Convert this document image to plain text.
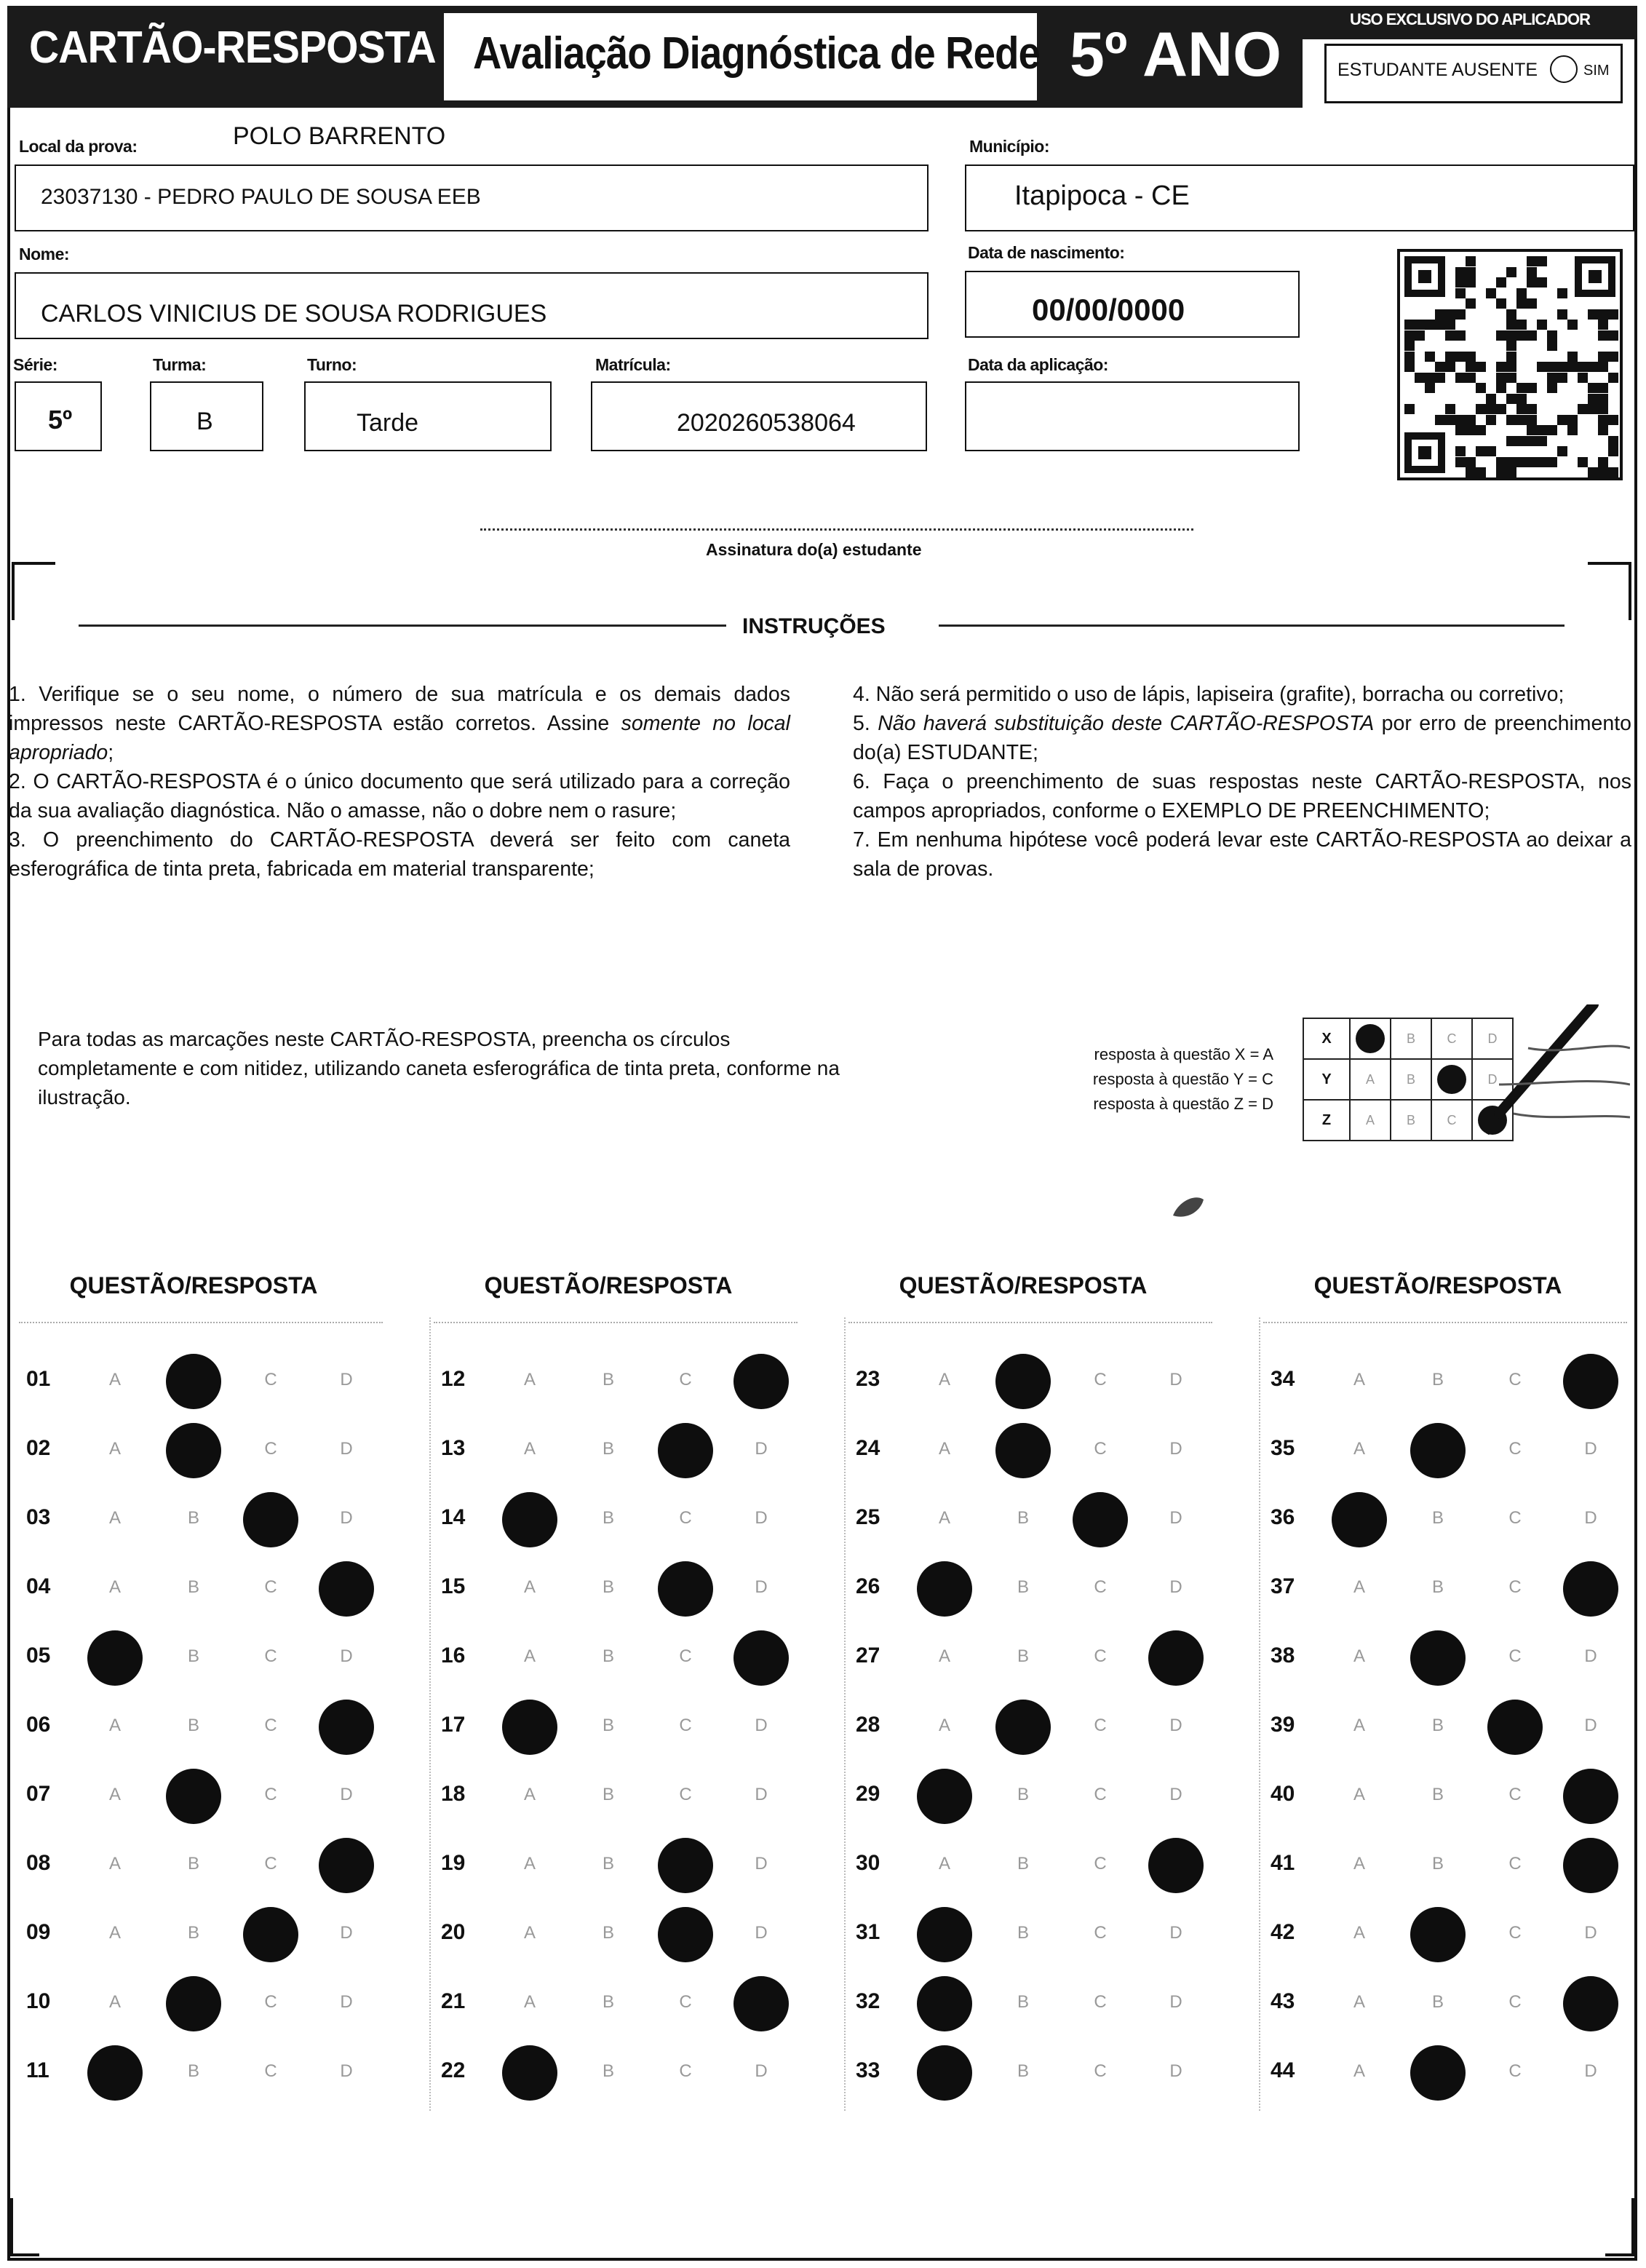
CARTÃO-RESPOSTA Avaliação Diagnóstica de Rede 5º ANO
USO EXCLUSIVO DO APLICADOR
ESTUDANTE AUSENTE	SIM
Local da prova:	POLO BARRENTO
23037130 - PEDRO PAULO DE SOUSA EEB
Município:
Itapipoca - CE
Nome:
CARLOS VINICIUS DE SOUSA RODRIGUES
Data de nascimento:
00/00/0000
Série:
5º
Turma:
B
Turno:
Tarde
Matrícula:
2020260538064
Data da aplicação:
Assinatura do(a) estudante
INSTRUÇÕES

1. Verifique se o seu nome, o número de sua matrícula e os demais dados impressos neste CARTÃO-RESPOSTA estão corretos. Assine somente no local apropriado;

2. O CARTÃO-RESPOSTA é o único documento que será utilizado para a correção da sua avaliação diagnóstica. Não o amasse, não o dobre nem o rasure;

3. O preenchimento do CARTÃO-RESPOSTA deverá ser feito com caneta esferográfica de tinta preta, fabricada em material transparente;

4. Não será permitido o uso de lápis, lapiseira (grafite), borracha ou corretivo;

5. Não haverá substituição deste CARTÃO-RESPOSTA por erro de preenchimento do(a) ESTUDANTE;

6. Faça o preenchimento de suas respostas neste CARTÃO-RESPOSTA, nos campos apropriados, conforme o EXEMPLO DE PREENCHIMENTO;

7. Em nenhuma hipótese você poderá levar este CARTÃO-RESPOSTA ao deixar a sala de provas.

Para todas as marcações neste CARTÃO-RESPOSTA, preencha os círculos completamente e com nitidez, utilizando caneta esferográfica de tinta preta, conforme na ilustração.
resposta à questão X = A
resposta à questão Y = C
resposta à questão Z = D
X		B	C	D
Y	A	B		D
Z	A	B	C	
QUESTÃO/RESPOSTA
01	A	C	D
02	A	C	D
03	A	B	D
04	A	B	C
05	B	C	D
06	A	B	C
07	A	C	D
08	A	B	C
09	A	B	D
10	A	C	D
11	B	C	D
QUESTÃO/RESPOSTA
12	A	B	C
13	A	B	D
14	B	C	D
15	A	B	D
16	A	B	C
17	B	C	D
18	A	B	C	D
19	A	B	D
20	A	B	D
21	A	B	C
22	B	C	D
QUESTÃO/RESPOSTA
23	A	C	D
24	A	C	D
25	A	B	D
26	B	C	D
27	A	B	C
28	A	C	D
29	B	C	D
30	A	B	C
31	B	C	D
32	B	C	D
33	B	C	D
QUESTÃO/RESPOSTA
34	A	B	C
35	A	C	D
36	B	C	D
37	A	B	C
38	A	C	D
39	A	B	D
40	A	B	C
41	A	B	C
42	A	C	D
43	A	B	C
44	A	C	D
